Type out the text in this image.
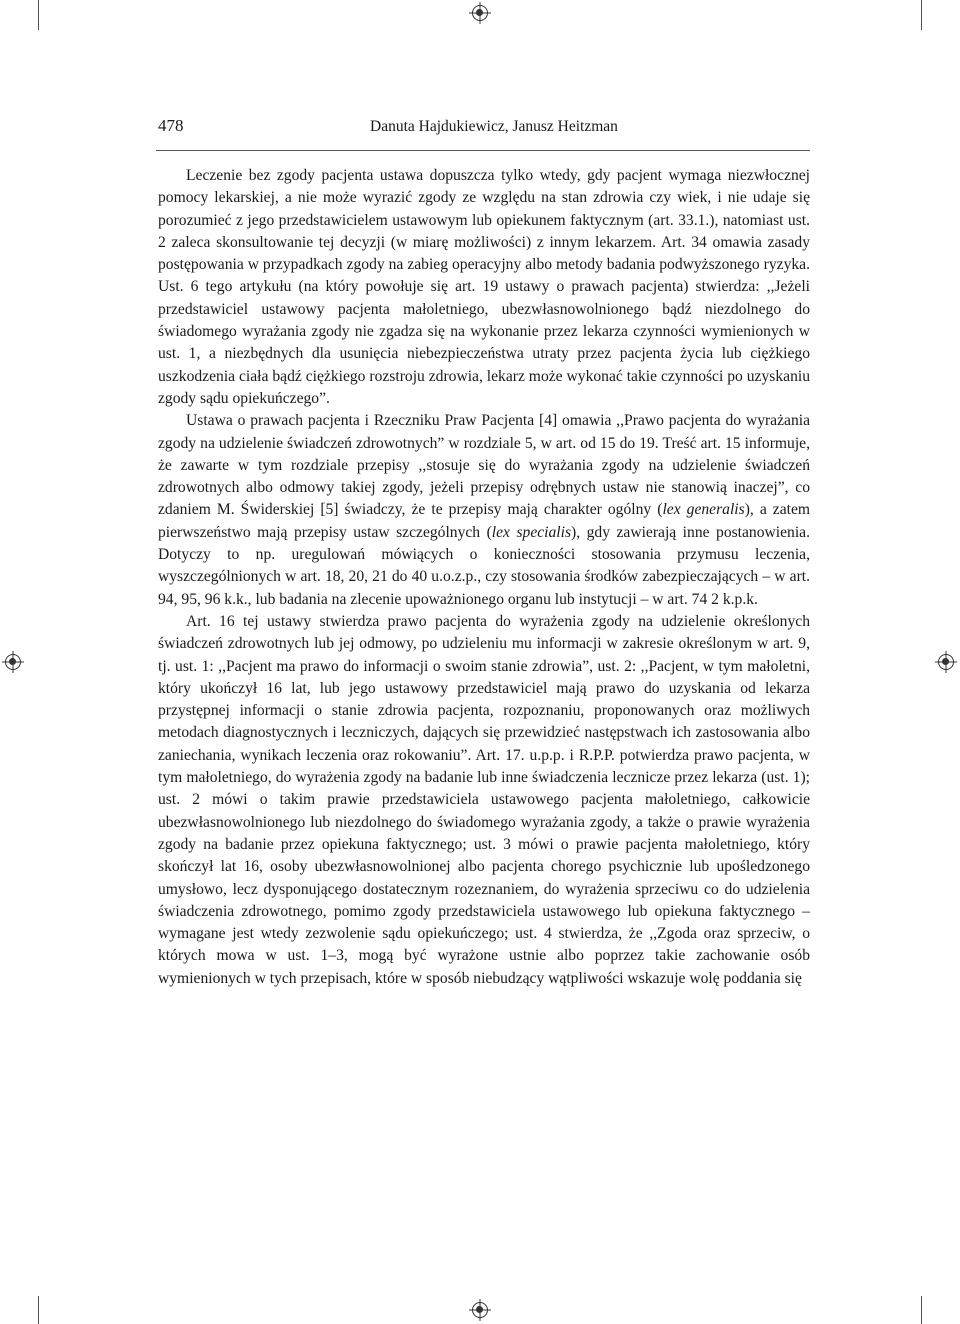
478	Danuta Hajdukiewicz, Janusz Heitzman

Leczenie bez zgody pacjenta ustawa dopuszcza tylko wtedy, gdy pacjent wymaga niezwłocznej pomocy lekarskiej, a nie może wyrazić zgody ze względu na stan zdrowia czy wiek, i nie udaje się porozumieć z jego przedstawicielem ustawowym lub opiekunem faktycznym (art. 33.1.), natomiast ust. 2 zaleca skonsultowanie tej decyzji (w miarę możliwości) z innym lekarzem. Art. 34 omawia zasady postępowania w przypadkach zgody na zabieg operacyjny albo metody badania podwyższonego ryzyka. Ust. 6 tego artykułu (na który powołuje się art. 19 ustawy o prawach pacjenta) stwierdza: ,,Jeżeli przedstawiciel ustawowy pacjenta małoletniego, ubezwłasnowolnionego bądź niezdolnego do świadomego wyrażania zgody nie zgadza się na wykonanie przez lekarza czynności wymienionych w ust. 1, a niezbędnych dla usunięcia niebezpieczeństwa utraty przez pacjenta życia lub ciężkiego uszkodzenia ciała bądź ciężkiego rozstroju zdrowia, lekarz może wykonać takie czynności po uzyskaniu zgody sądu opiekuńczego”.

Ustawa o prawach pacjenta i Rzeczniku Praw Pacjenta [4] omawia ,,Prawo pacjenta do wyrażania zgody na udzielenie świadczeń zdrowotnych” w rozdziale 5, w art. od 15 do 19. Treść art. 15 informuje, że zawarte w tym rozdziale przepisy ,,stosuje się do wyrażania zgody na udzielenie świadczeń zdrowotnych albo odmowy takiej zgody, jeżeli przepisy odrębnych ustaw nie stanowią inaczej”, co zdaniem M. Świderskiej [5] świadczy, że te przepisy mają charakter ogólny (lex generalis), a zatem pierwszeństwo mają przepisy ustaw szczególnych (lex specialis), gdy zawierają inne postanowienia. Dotyczy to np. uregulowań mówiących o konieczności stosowania przymusu leczenia, wyszczególnionych w art. 18, 20, 21 do 40 u.o.z.p., czy stosowania środków zabezpieczających – w art. 94, 95, 96 k.k., lub badania na zlecenie upoważnionego organu lub instytucji – w art. 74 2 k.p.k.

Art. 16 tej ustawy stwierdza prawo pacjenta do wyrażenia zgody na udzielenie określonych świadczeń zdrowotnych lub jej odmowy, po udzieleniu mu informacji w zakresie określonym w art. 9, tj. ust. 1: ,,Pacjent ma prawo do informacji o swoim stanie zdrowia”, ust. 2: ,,Pacjent, w tym małoletni, który ukończył 16 lat, lub jego ustawowy przedstawiciel mają prawo do uzyskania od lekarza przystępnej informacji o stanie zdrowia pacjenta, rozpoznaniu, proponowanych oraz możliwych metodach diagnostycznych i leczniczych, dających się przewidzieć następstwach ich zastosowania albo zaniechania, wynikach leczenia oraz rokowaniu”. Art. 17. u.p.p. i R.P.P. potwierdza prawo pacjenta, w tym małoletniego, do wyrażenia zgody na badanie lub inne świadczenia lecznicze przez lekarza (ust. 1); ust. 2 mówi o takim prawie przedstawiciela ustawowego pacjenta małoletniego, całkowicie ubezwłasnowolnionego lub niezdolnego do świadomego wyrażania zgody, a także o prawie wyrażenia zgody na badanie przez opiekuna faktycznego; ust. 3 mówi o prawie pacjenta małoletniego, który skończył lat 16, osoby ubezwłasnowolnionej albo pacjenta chorego psychicznie lub upośledzonego umysłowo, lecz dysponującego dostatecznym rozeznaniem, do wyrażenia sprzeciwu co do udzielenia świadczenia zdrowotnego, pomimo zgody przedstawiciela ustawowego lub opiekuna faktycznego – wymagane jest wtedy zezwolenie sądu opiekuńczego; ust. 4 stwierdza, że ,,Zgoda oraz sprzeciw, o których mowa w ust. 1–3, mogą być wyrażone ustnie albo poprzez takie zachowanie osób wymienionych w tych przepisach, które w sposób niebudzący wątpliwości wskazuje wolę poddania się
